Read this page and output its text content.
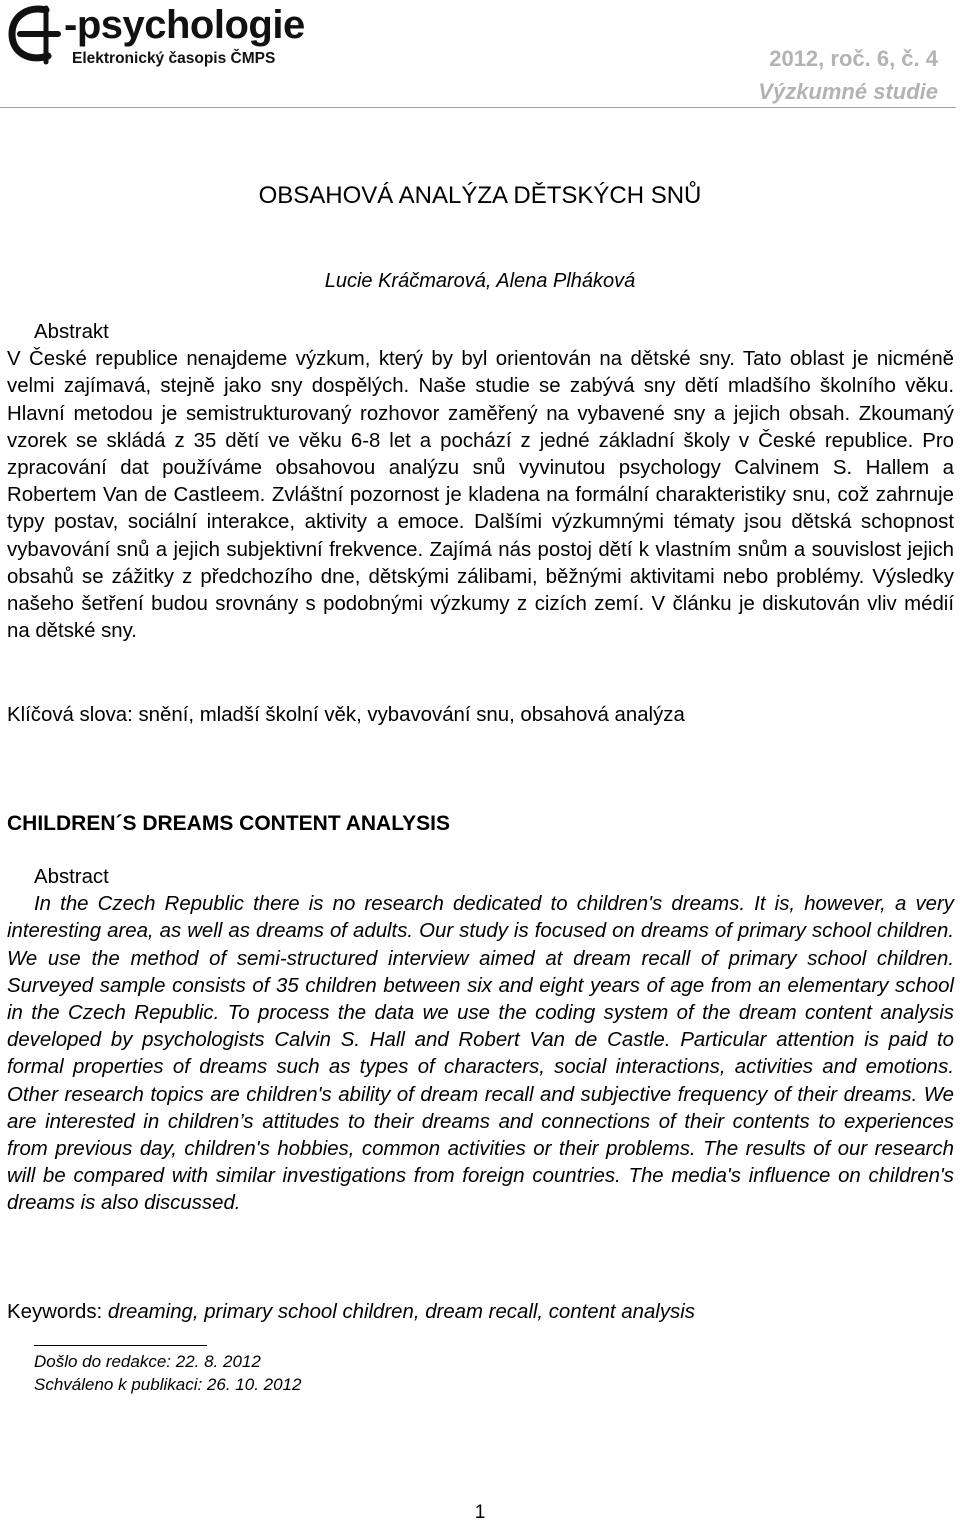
-psychologie
Elektronický časopis ČMPS	2012, roč. 6, č. 4
Výzkumné studie
OBSAHOVÁ ANALÝZA DĚTSKÝCH SNŮ
Lucie Kráčmarová, Alena Plháková
Abstrakt
V České republice nenajdeme výzkum, který by byl orientován na dětské sny. Tato oblast je nicméně velmi zajímavá, stejně jako sny dospělých. Naše studie se zabývá sny dětí mladšího školního věku. Hlavní metodou je semistrukturovaný rozhovor zaměřený na vybavené sny a jejich obsah. Zkoumaný vzorek se skládá z 35 dětí ve věku 6-8 let a pochází z jedné základní školy v České republice. Pro zpracování dat používáme obsahovou analýzu snů vyvinutou psychology Calvinem S. Hallem a Robertem Van de Castleem. Zvláštní pozornost je kladena na formální charakteristiky snu, což zahrnuje typy postav, sociální interakce, aktivity a emoce. Dalšími výzkumnými tématy jsou dětská schopnost vybavování snů a jejich subjektivní frekvence. Zajímá nás postoj dětí k vlastním snům a souvislost jejich obsahů se zážitky z předchozího dne, dětskými zálibami, běžnými aktivitami nebo problémy. Výsledky našeho šetření budou srovnány s podobnými výzkumy z cizích zemí. V článku je diskutován vliv médií na dětské sny.
Klíčová slova: snění, mladší školní věk, vybavování snu, obsahová analýza
CHILDREN´S DREAMS CONTENT ANALYSIS
Abstract
In the Czech Republic there is no research dedicated to children's dreams. It is, however, a very interesting area, as well as dreams of adults. Our study is focused on dreams of primary school children. We use the method of semi-structured interview aimed at dream recall of primary school children. Surveyed sample consists of 35 children between six and eight years of age from an elementary school in the Czech Republic. To process the data we use the coding system of the dream content analysis developed by psychologists Calvin S. Hall and Robert Van de Castle. Particular attention is paid to formal properties of dreams such as types of characters, social interactions, activities and emotions. Other research topics are children's ability of dream recall and subjective frequency of their dreams. We are interested in children’s attitudes to their dreams and connections of their contents to experiences from previous day, children's hobbies, common activities or their problems. The results of our research will be compared with similar investigations from foreign countries. The media's influence on children's dreams is also discussed.
Keywords: dreaming, primary school children, dream recall, content analysis
Došlo do redakce: 22. 8. 2012
Schváleno k publikaci: 26. 10. 2012
1
